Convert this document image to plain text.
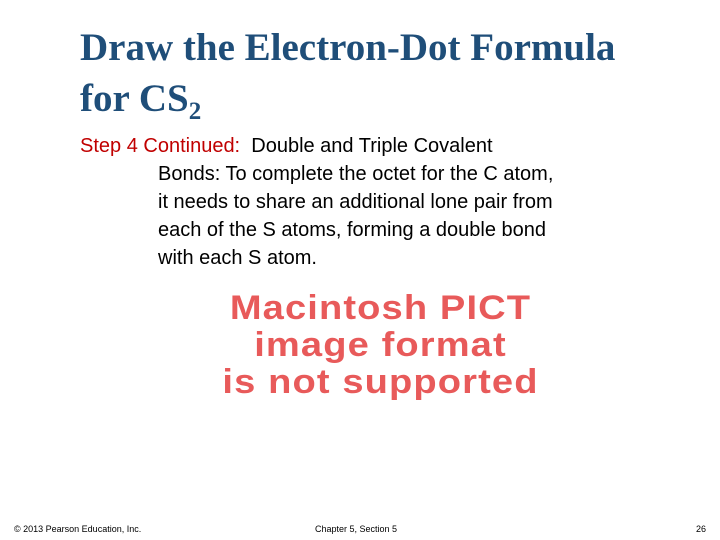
Draw the Electron-Dot Formula
for $CS_2$
Step 4 Continued: Double and Triple Covalent
Bonds: To complete the octet for the C atom,
it needs to share an additional lone pair from
each of the S atoms, forming a double bond
with each S atom.
Macintosh PICT
image format
is not supported
© 2013 Pearson Education, Inc.	Chapter 5, Section 5	26
